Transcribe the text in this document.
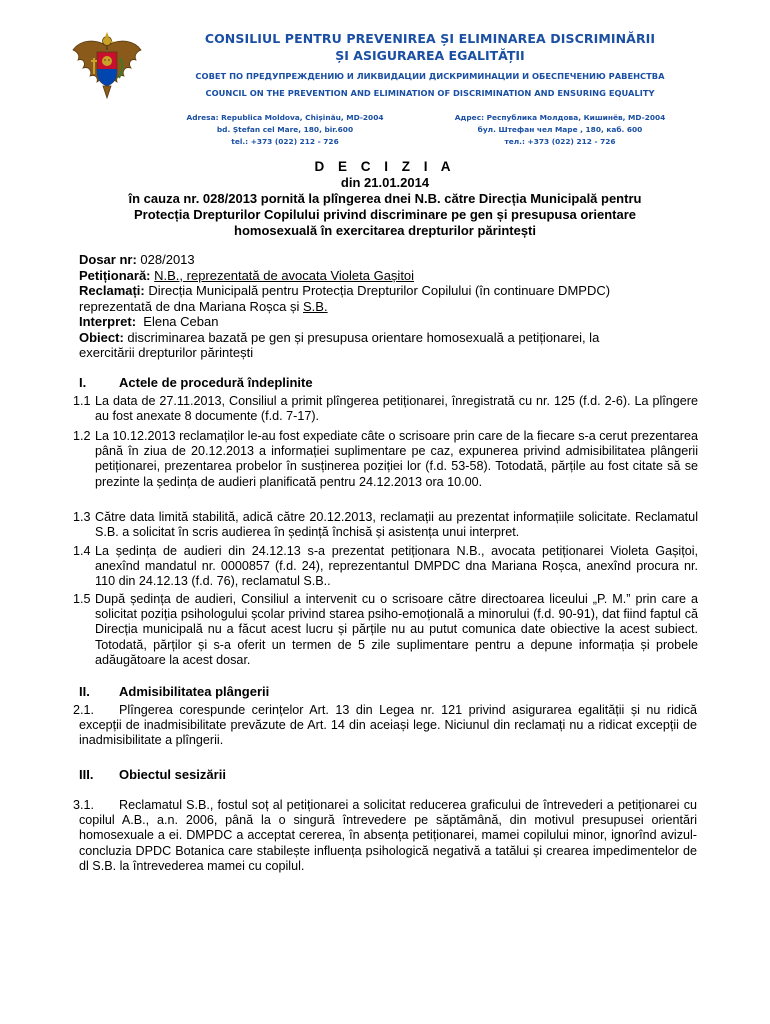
CONSILIUL PENTRU PREVENIREA ȘI ELIMINAREA DISCRIMINĂRII
ȘI ASIGURAREA EGALITĂȚII
СОВЕТ ПО ПРЕДУПРЕЖДЕНИЮ И ЛИКВИДАЦИИ ДИСКРИМИНАЦИИ И ОБЕСПЕЧЕНИЮ РАВЕНСТВА
COUNCIL ON THE PREVENTION AND ELIMINATION OF DISCRIMINATION AND ENSURING EQUALITY
Adresa: Republica Moldova, Chișinău, MD-2004
bd. Ștefan cel Mare, 180, bir.600
tel.: +373 (022) 212 - 726
Адрес: Республика Молдова, Кишинёв, MD-2004
бул. Штефан чел Маре , 180, каб. 600
тел.: +373 (022) 212 - 726
D E C I Z I A
din 21.01.2014
în cauza nr. 028/2013 pornită la plîngerea dnei N.B. către Direcția Municipală pentru
Protecția Drepturilor Copilului privind discriminare pe gen și presupusa orientare
homosexuală în exercitarea drepturilor părintești
Dosar nr: 028/2013
Petiționară: N.B., reprezentată de avocata Violeta Gașitoi
Reclamați: Direcția Municipală pentru Protecția Drepturilor Copilului (în continuare DMPDC)
reprezentată de dna Mariana Roșca și S.B.
Interpret:  Elena Ceban
Obiect: discriminarea bazată pe gen și presupusa orientare homosexuală a petiționarei, la
exercitării drepturilor părintești
I.	Actele de procedură îndeplinite
1.1 La data de 27.11.2013, Consiliul a primit plîngerea petiționarei, înregistrată cu nr. 125 (f.d. 2-6). La plîngere au fost anexate 8 documente (f.d. 7-17).
1.2 La 10.12.2013 reclamaților le-au fost expediate câte o scrisoare prin care de la fiecare s-a cerut prezentarea până în ziua de 20.12.2013 a informației suplimentare pe caz, expunerea privind admisibilitatea plângerii petiționarei, prezentarea probelor în susținerea poziției lor (f.d. 53-58). Totodată, părțile au fost citate să se prezinte la ședința de audieri planificată pentru 24.12.2013 ora 10.00.
1.3 Către data limită stabilită, adică către 20.12.2013, reclamații au prezentat informațiile solicitate. Reclamatul S.B. a solicitat în scris audierea în ședință închisă și asistența unui interpret.
1.4 La ședința de audieri din 24.12.13 s-a prezentat petiționara N.B., avocata petiționarei Violeta Gașițoi, anexînd mandatul nr. 0000857 (f.d. 24), reprezentantul DMPDC dna Mariana Roșca, anexînd procura nr. 110 din 24.12.13 (f.d. 76), reclamatul S.B..
1.5 După ședința de audieri, Consiliul a intervenit cu o scrisoare către directoarea liceului „P. M.” prin care a solicitat poziția psihologului școlar privind starea psiho-emoțională a minorului (f.d. 90-91), dat fiind faptul că Direcția municipală nu a făcut acest lucru și părțile nu au putut comunica date obiective la acest subiect. Totodată, părților și s-a oferit un termen de 5 zile suplimentare pentru a depune informația și probele adăugătoare la acest dosar.
II. Admisibilitatea plângerii
2.1. Plîngerea corespunde cerințelor Art. 13 din Legea nr. 121 privind asigurarea egalității și nu ridică excepții de inadmisibilitate prevăzute de Art. 14 din aceiași lege. Niciunul din reclamați nu a ridicat excepții de inadmisibilitate a plîngerii.
III. Obiectul sesizării
3.1. Reclamatul S.B., fostul soț al petiționarei a solicitat reducerea graficului de întrevederi a petiționarei cu copilul A.B., a.n. 2006, până la o singură întrevedere pe săptămână, din motivul presupusei orientări homosexuale a ei. DMPDC a acceptat cererea, în absența petiționarei, mamei copilului minor, ignorînd avizul-concluzia DPDC Botanica care stabilește influența psihologică negativă a tatălui și crearea impedimentelor de dl S.B. la întrevederea mamei cu copilul.
